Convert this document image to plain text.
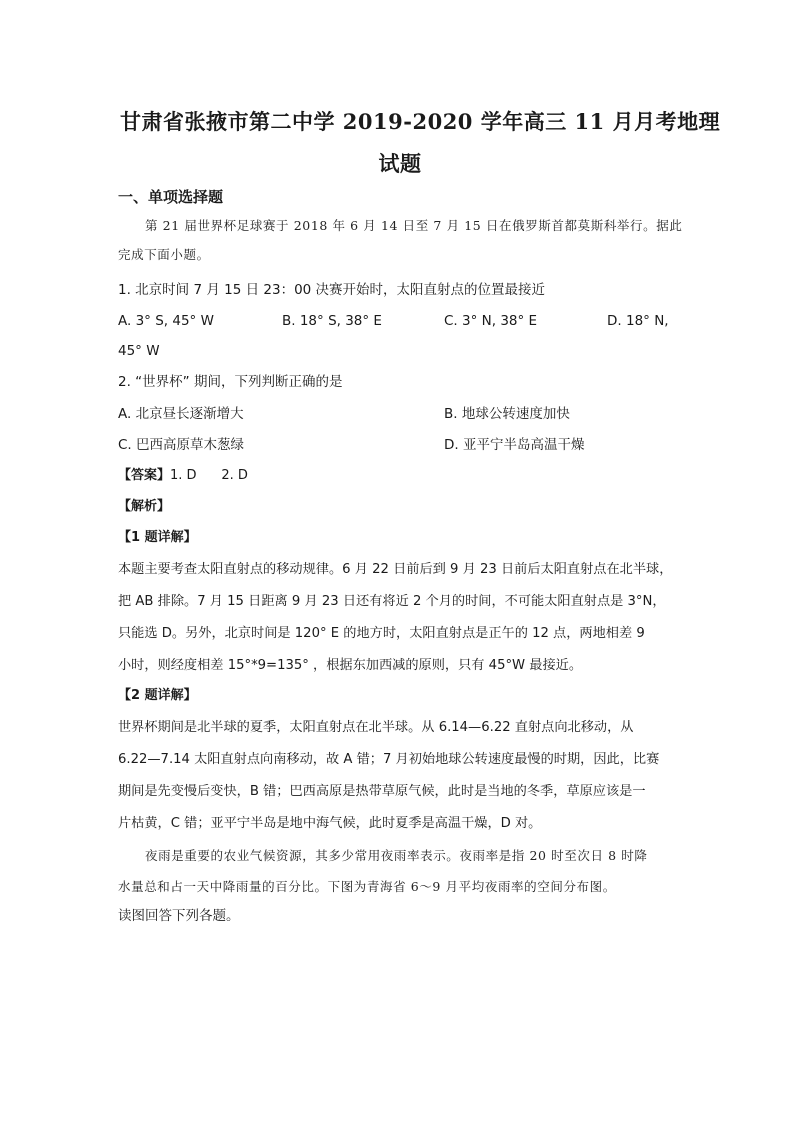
甘肃省张掖市第二中学 2019-2020 学年高三 11 月月考地理
试题
一、单项选择题
第 21 届世界杯足球赛于 2018 年 6 月 14 日至 7 月 15 日在俄罗斯首都莫斯科举行。据此
完成下面小题。
1. 北京时间 7 月 15 日 23：00 决赛开始时，太阳直射点的位置最接近
A. 3° S, 45° W	B. 18° S, 38° E	C. 3° N, 38° E	D. 18° N,
45° W
2. “世界杯” 期间，下列判断正确的是
A. 北京昼长逐渐增大	B. 地球公转速度加快
C. 巴西高原草木葱绿	D. 亚平宁半岛高温干燥
【答案】1. D      2. D
【解析】
【1 题详解】
本题主要考查太阳直射点的移动规律。6 月 22 日前后到 9 月 23 日前后太阳直射点在北半球，
把 AB 排除。7 月 15 日距离 9 月 23 日还有将近 2 个月的时间，不可能太阳直射点是 3°N，
只能选 D。另外，北京时间是 120° E 的地方时，太阳直射点是正午的 12 点，两地相差 9
小时，则经度相差 15°*9=135° ，根据东加西减的原则，只有 45°W 最接近。
【2 题详解】
世界杯期间是北半球的夏季，太阳直射点在北半球。从 6.14—6.22 直射点向北移动，从
6.22—7.14 太阳直射点向南移动，故 A 错；7 月初始地球公转速度最慢的时期，因此，比赛
期间是先变慢后变快，B 错；巴西高原是热带草原气候，此时是当地的冬季，草原应该是一
片枯黄，C 错；亚平宁半岛是地中海气候，此时夏季是高温干燥，D 对。
夜雨是重要的农业气候资源，其多少常用夜雨率表示。夜雨率是指 20 时至次日 8 时降
水量总和占一天中降雨量的百分比。下图为青海省 6～9 月平均夜雨率的空间分布图。
读图回答下列各题。
